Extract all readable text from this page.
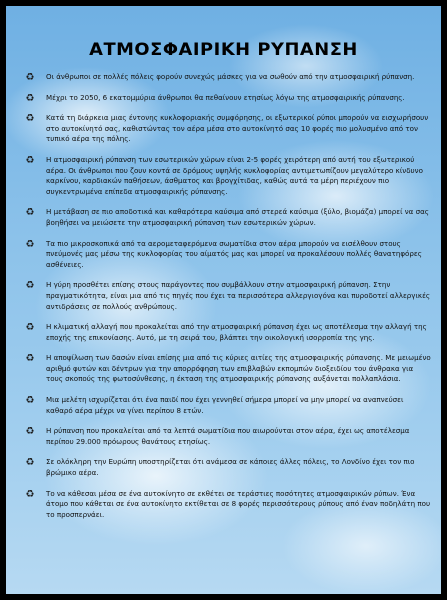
ΑΤΜΟΣΦΑΙΡΙΚΗ ΡΥΠΑΝΣΗ
♻ Οι άνθρωποι σε πολλές πόλεις φορούν συνεχώς μάσκες για να σωθούν από την ατμοσφαιρική ρύπανση.
♻ Μέχρι το 2050, 6 εκατομμύρια άνθρωποι θα πεθαίνουν ετησίως λόγω της ατμοσφαιρικής ρύπανσης.
♻ Κατά τη διάρκεια μιας έντονης κυκλοφοριακής συμφόρησης, οι εξωτερικοί ρύποι μπορούν να εισχωρήσουν στο αυτοκίνητό σας, καθιστώντας τον αέρα μέσα στο αυτοκίνητό σας 10 φορές πιο μολυσμένο από τον τυπικό αέρα της πόλης.
♻ Η ατμοσφαιρική ρύπανση των εσωτερικών χώρων είναι 2-5 φορές χειρότερη από αυτή του εξωτερικού αέρα. Οι άνθρωποι που ζουν κοντά σε δρόμους υψηλής κυκλοφορίας αντιμετωπίζουν μεγαλύτερο κίνδυνο καρκίνου, καρδιακών παθήσεων, άσθματος και βρογχίτιδας, καθώς αυτά τα μέρη περιέχουν πιο συγκεντρωμένα επίπεδα ατμοσφαιρικής ρύπανσης.
♻ Η μετάβαση σε πιο αποδοτικά και καθαρότερα καύσιμα από στερεά καύσιμα (ξύλο, βιομάζα) μπορεί να σας βοηθήσει να μειώσετε την ατμοσφαιρική ρύπανση των εσωτερικών χώρων.
♻ Τα πιο μικροσκοπικά από τα αερομεταφερόμενα σωματίδια στον αέρα μπορούν να εισέλθουν στους πνεύμονές μας μέσω της κυκλοφορίας του αίματός μας και μπορεί να προκαλέσουν πολλές θανατηφόρες ασθένειες.
♻ Η γύρη προσθέτει επίσης στους παράγοντες που συμβάλλουν στην ατμοσφαιρική ρύπανση. Στην πραγματικότητα, είναι μια από τις πηγές που έχει τα περισσότερα αλλεργιογόνα και πυροδοτεί αλλεργικές αντιδράσεις σε πολλούς ανθρώπους.
♻ Η κλιματική αλλαγή που προκαλείται από την ατμοσφαιρική ρύπανση έχει ως αποτέλεσμα την αλλαγή της εποχής της επικονίασης. Αυτό, με τη σειρά του, βλάπτει την οικολογική ισορροπία της γης.
♻ Η αποψίλωση των δασών είναι επίσης μια από τις κύριες αιτίες της ατμοσφαιρικής ρύπανσης. Με μειωμένο αριθμό φυτών και δέντρων για την απορρόφηση των επιβλαβών εκπομπών διοξειδίου του άνθρακα για τους σκοπούς της φωτοσύνθεσης, η έκταση της ατμοσφαιρικής ρύπανσης αυξάνεται πολλαπλάσια.
♻ Μια μελέτη ισχυρίζεται ότι ένα παιδί που έχει γεννηθεί σήμερα μπορεί να μην μπορεί να αναπνεύσει καθαρό αέρα μέχρι να γίνει περίπου 8 ετών.
♻ Η ρύπανση που προκαλείται από τα λεπτά σωματίδια που αιωρούνται στον αέρα, έχει ως αποτέλεσμα περίπου 29.000 πρόωρους θανάτους ετησίως.
♻ Σε ολόκληρη την Ευρώπη υποστηρίζεται ότι ανάμεσα σε κάποιες άλλες πόλεις, το Λονδίνο έχει τον πιο βρώμικο αέρα.
♻ Το να κάθεσαι μέσα σε ένα αυτοκίνητο σε εκθέτει σε τεράστιες ποσότητες ατμοσφαιρικών ρύπων. Ένα άτομο που κάθεται σε ένα αυτοκίνητο εκτίθεται σε 8 φορές περισσότερους ρύπους από έναν ποδηλάτη που το προσπερνάει.
